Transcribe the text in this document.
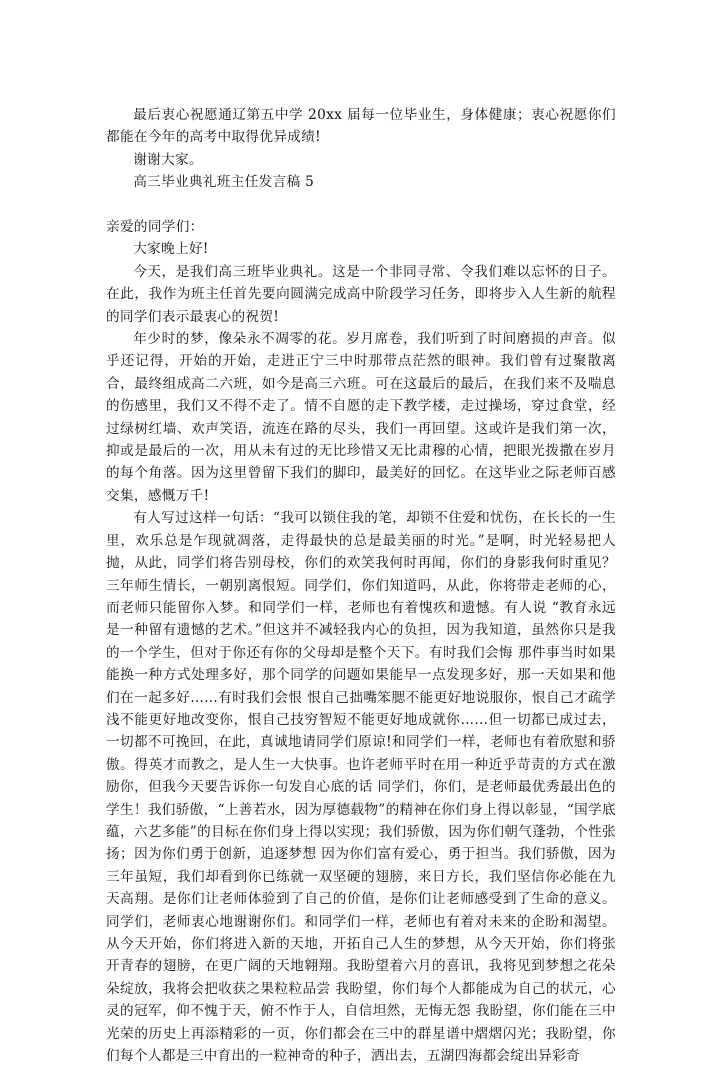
最后衷心祝愿通辽第五中学 20xx 届每一位毕业生，身体健康；衷心祝愿你们都能在今年的高考中取得优异成绩!

谢谢大家。

高三毕业典礼班主任发言稿 5

亲爱的同学们：

大家晚上好!

今天，是我们高三班毕业典礼。这是一个非同寻常、令我们难以忘怀的日子。在此，我作为班主任首先要向圆满完成高中阶段学习任务，即将步入人生新的航程的同学们表示最衷心的祝贺!

年少时的梦，像朵永不凋零的花。岁月席卷，我们听到了时间磨损的声音。似乎还记得，开始的开始，走进正宁三中时那带点茫然的眼神。我们曾有过聚散离合，最终组成高二六班，如今是高三六班。可在这最后的最后，在我们来不及喘息的伤感里，我们又不得不走了。情不自愿的走下教学楼，走过操场，穿过食堂，经过绿树红墙、欢声笑语，流连在路的尽头，我们一再回望。这或许是我们第一次，抑或是最后的一次，用从未有过的无比珍惜又无比肃穆的心情，把眼光拨撒在岁月的每个角落。因为这里曾留下我们的脚印，最美好的回忆。在这毕业之际老师百感交集，感慨万千!

有人写过这样一句话：“我可以锁住我的笔，却锁不住爱和忧伤，在长长的一生里，欢乐总是乍现就凋落，走得最快的总是最美丽的时光。”是啊，时光轻易把人抛，从此，同学们将告别母校，你们的欢笑我何时再闻，你们的身影我何时重见？三年师生情长，一朝别离恨短。同学们，你们知道吗，从此，你将带走老师的心，而老师只能留你入梦。和同学们一样，老师也有着愧疚和遗憾。有人说 “教育永远是一种留有遗憾的艺术。”但这并不减轻我内心的负担，因为我知道，虽然你只是我的一个学生，但对于你还有你的父母却是整个天下。有时我们会悔 那件事当时如果能换一种方式处理多好，那个同学的问题如果能早一点发现多好，那一天如果和他们在一起多好……有时我们会恨 恨自己拙嘴笨腮不能更好地说服你，恨自己才疏学浅不能更好地改变你，恨自己技穷智短不能更好地成就你……但一切都已成过去，一切都不可挽回，在此，真诚地请同学们原谅!和同学们一样，老师也有着欣慰和骄傲。得英才而教之，是人生一大快事。也许老师平时在用一种近乎苛责的方式在激励你，但我今天要告诉你一句发自心底的话 同学们，你们，是老师最优秀最出色的学生！我们骄傲，“上善若水，因为厚德载物”的精神在你们身上得以彰显，“国学底蕴，六艺多能”的目标在你们身上得以实现；我们骄傲，因为你们朝气蓬勃，个性张扬；因为你们勇于创新，追逐梦想 因为你们富有爱心，勇于担当。我们骄傲，因为三年虽短，我们却看到你已练就一双坚硬的翅膀，来日方长，我们坚信你必能在九天高翔。是你们让老师体验到了自己的价值，是你们让老师感受到了生命的意义。同学们，老师衷心地谢谢你们。和同学们一样，老师也有着对未来的企盼和渴望。从今天开始，你们将进入新的天地，开拓自己人生的梦想，从今天开始，你们将张开青春的翅膀，在更广阔的天地翱翔。我盼望着六月的喜讯，我将见到梦想之花朵朵绽放，我将会把收获之果粒粒品尝 我盼望，你们每个人都能成为自己的状元，心灵的冠军，仰不愧于天，俯不怍于人，自信坦然，无悔无怨 我盼望，你们能在三中光荣的历史上再添精彩的一页，你们都会在三中的群星谱中熠熠闪光；我盼望，你们每个人都是三中育出的一粒神奇的种子，洒出去，五湖四海都会绽出异彩奇
